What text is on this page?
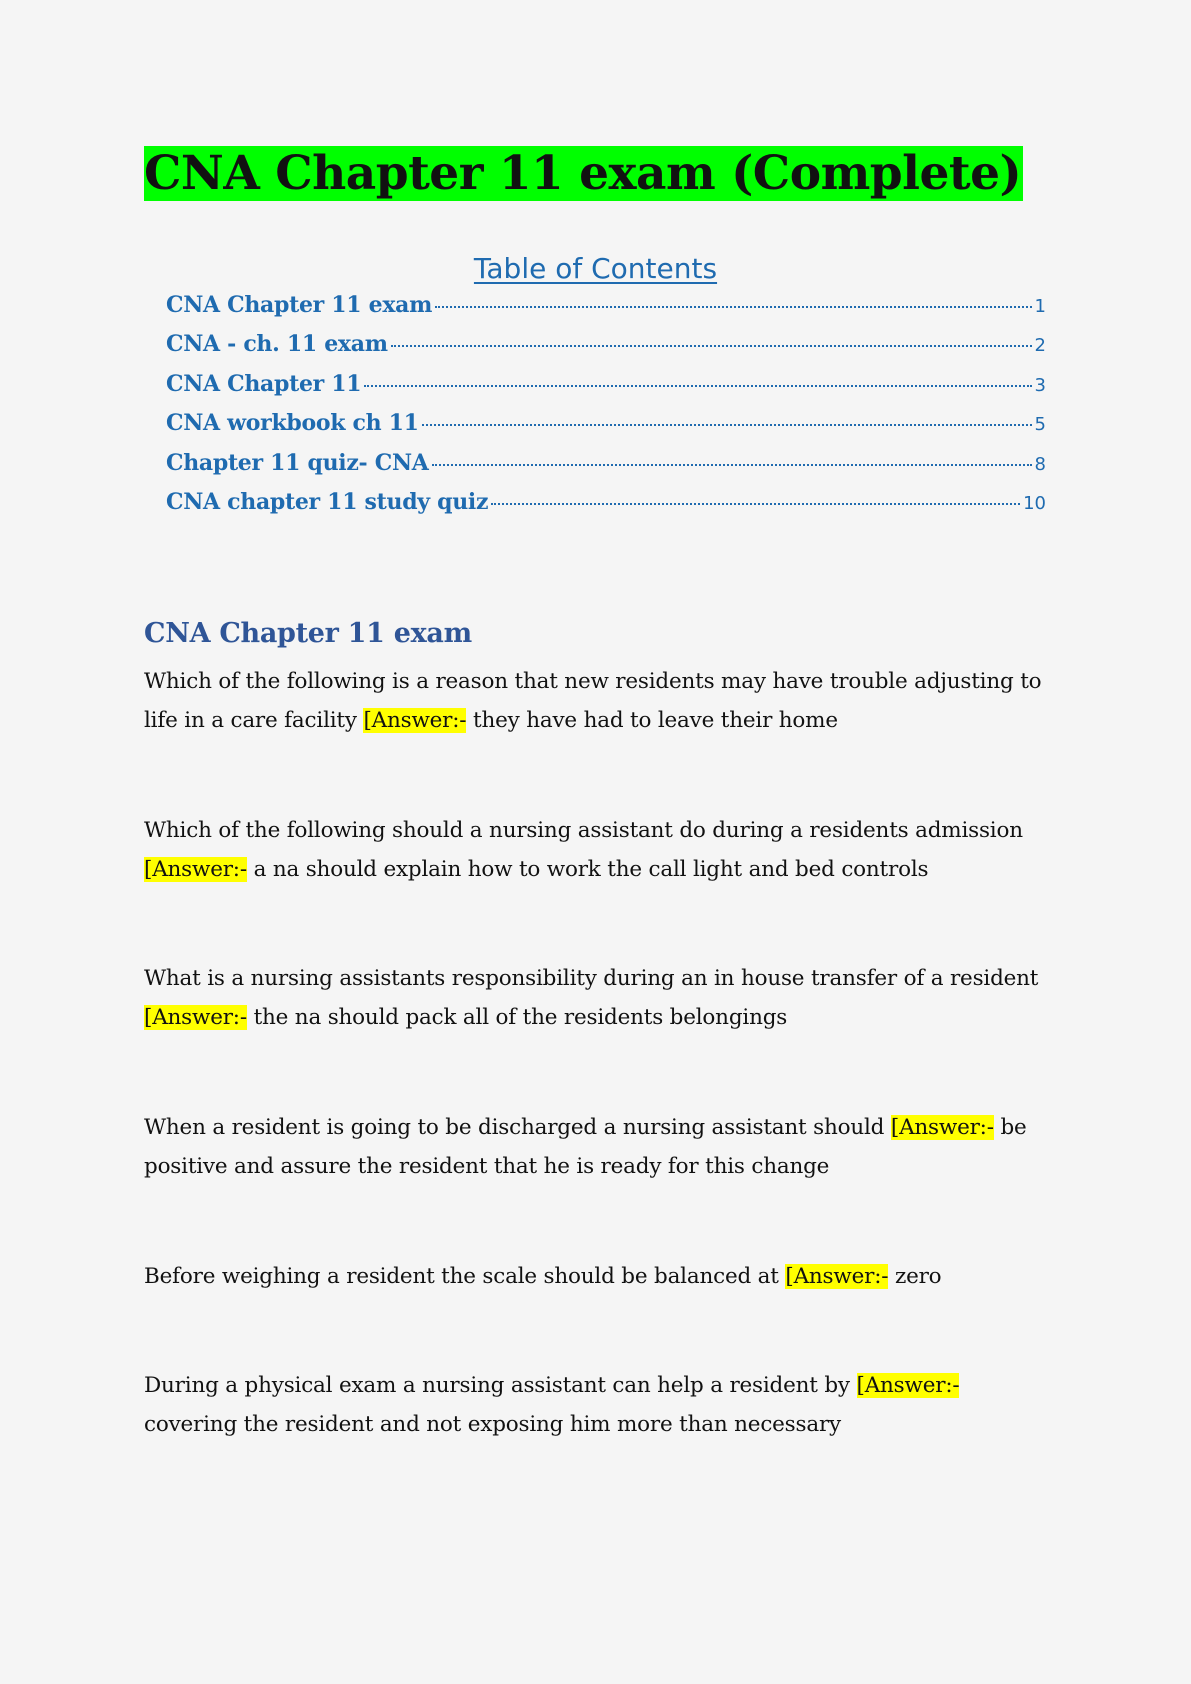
CNA Chapter 11 exam (Complete)
Table of Contents
CNA Chapter 11 exam	1
CNA - ch. 11 exam	2
CNA Chapter 11	3
CNA workbook ch 11	5
Chapter 11 quiz- CNA	8
CNA chapter 11 study quiz	10
CNA Chapter 11 exam

Which of the following is a reason that new residents may have trouble adjusting to life in a care facility [Answer:- they have had to leave their home

Which of the following should a nursing assistant do during a residents admission [Answer:- a na should explain how to work the call light and bed controls

What is a nursing assistants responsibility during an in house transfer of a resident [Answer:- the na should pack all of the residents belongings

When a resident is going to be discharged a nursing assistant should [Answer:- be positive and assure the resident that he is ready for this change

Before weighing a resident the scale should be balanced at [Answer:- zero

During a physical exam a nursing assistant can help a resident by [Answer:- covering the resident and not exposing him more than necessary
